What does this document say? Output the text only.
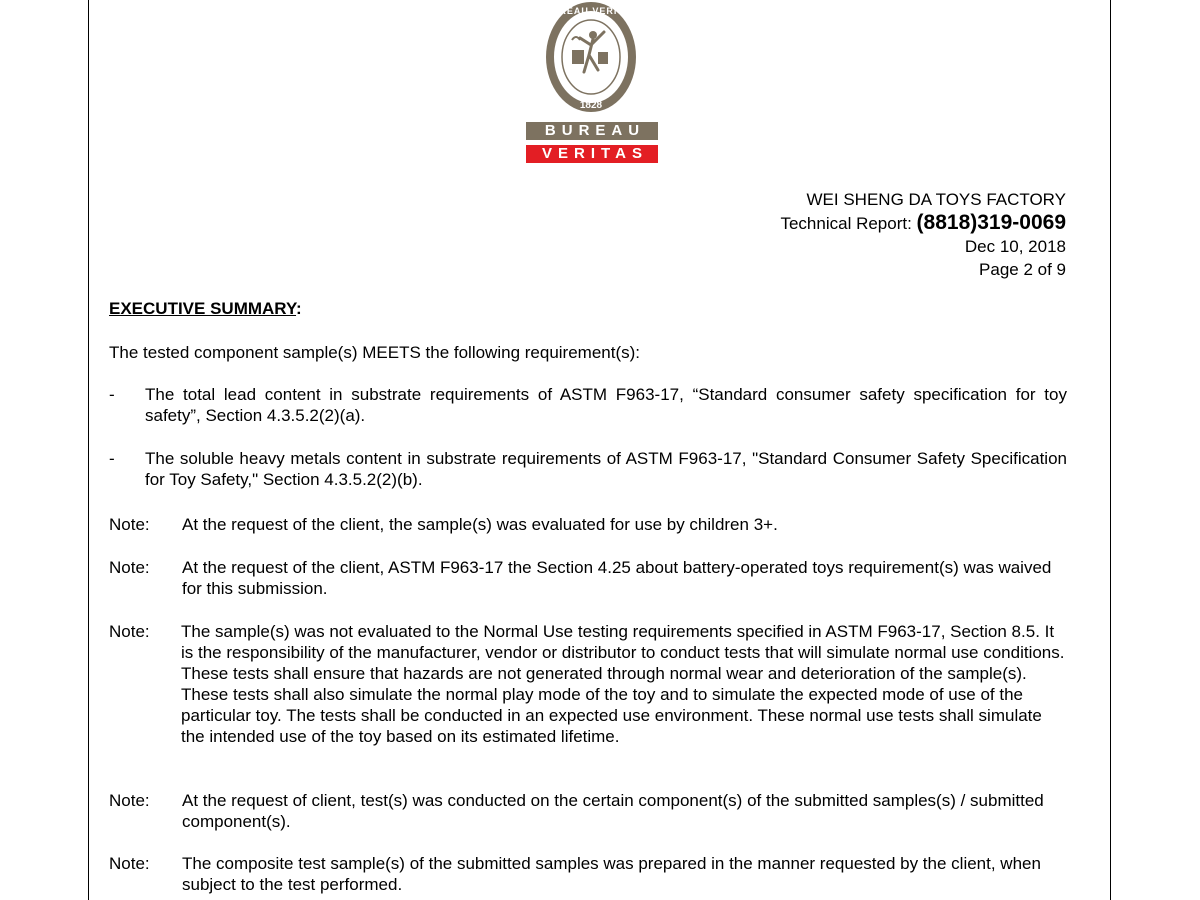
BUREAU VERITAS
1828
BUREAU
VERITAS
WEI SHENG DA TOYS FACTORY
Technical Report: (8818)319-0069
Dec 10, 2018
Page 2 of 9
EXECUTIVE SUMMARY:
The tested component sample(s) MEETS the following requirement(s):
- The total lead content in substrate requirements of ASTM F963-17, “Standard consumer safety specification for toy safety”, Section 4.3.5.2(2)(a).
- The soluble heavy metals content in substrate requirements of ASTM F963-17, "Standard Consumer Safety Specification for Toy Safety," Section 4.3.5.2(2)(b).
Note: At the request of the client, the sample(s) was evaluated for use by children 3+.
Note: At the request of the client, ASTM F963-17 the Section 4.25 about battery-operated toys requirement(s) was waived for this submission.
Note: The sample(s) was not evaluated to the Normal Use testing requirements specified in ASTM F963-17, Section 8.5. It is the responsibility of the manufacturer, vendor or distributor to conduct tests that will simulate normal use conditions. These tests shall ensure that hazards are not generated through normal wear and deterioration of the sample(s). These tests shall also simulate the normal play mode of the toy and to simulate the expected mode of use of the particular toy. The tests shall be conducted in an expected use environment. These normal use tests shall simulate the intended use of the toy based on its estimated lifetime.
Note: At the request of client, test(s) was conducted on the certain component(s) of the submitted samples(s) / submitted component(s).
Note: The composite test sample(s) of the submitted samples was prepared in the manner requested by the client, when subject to the test performed.
